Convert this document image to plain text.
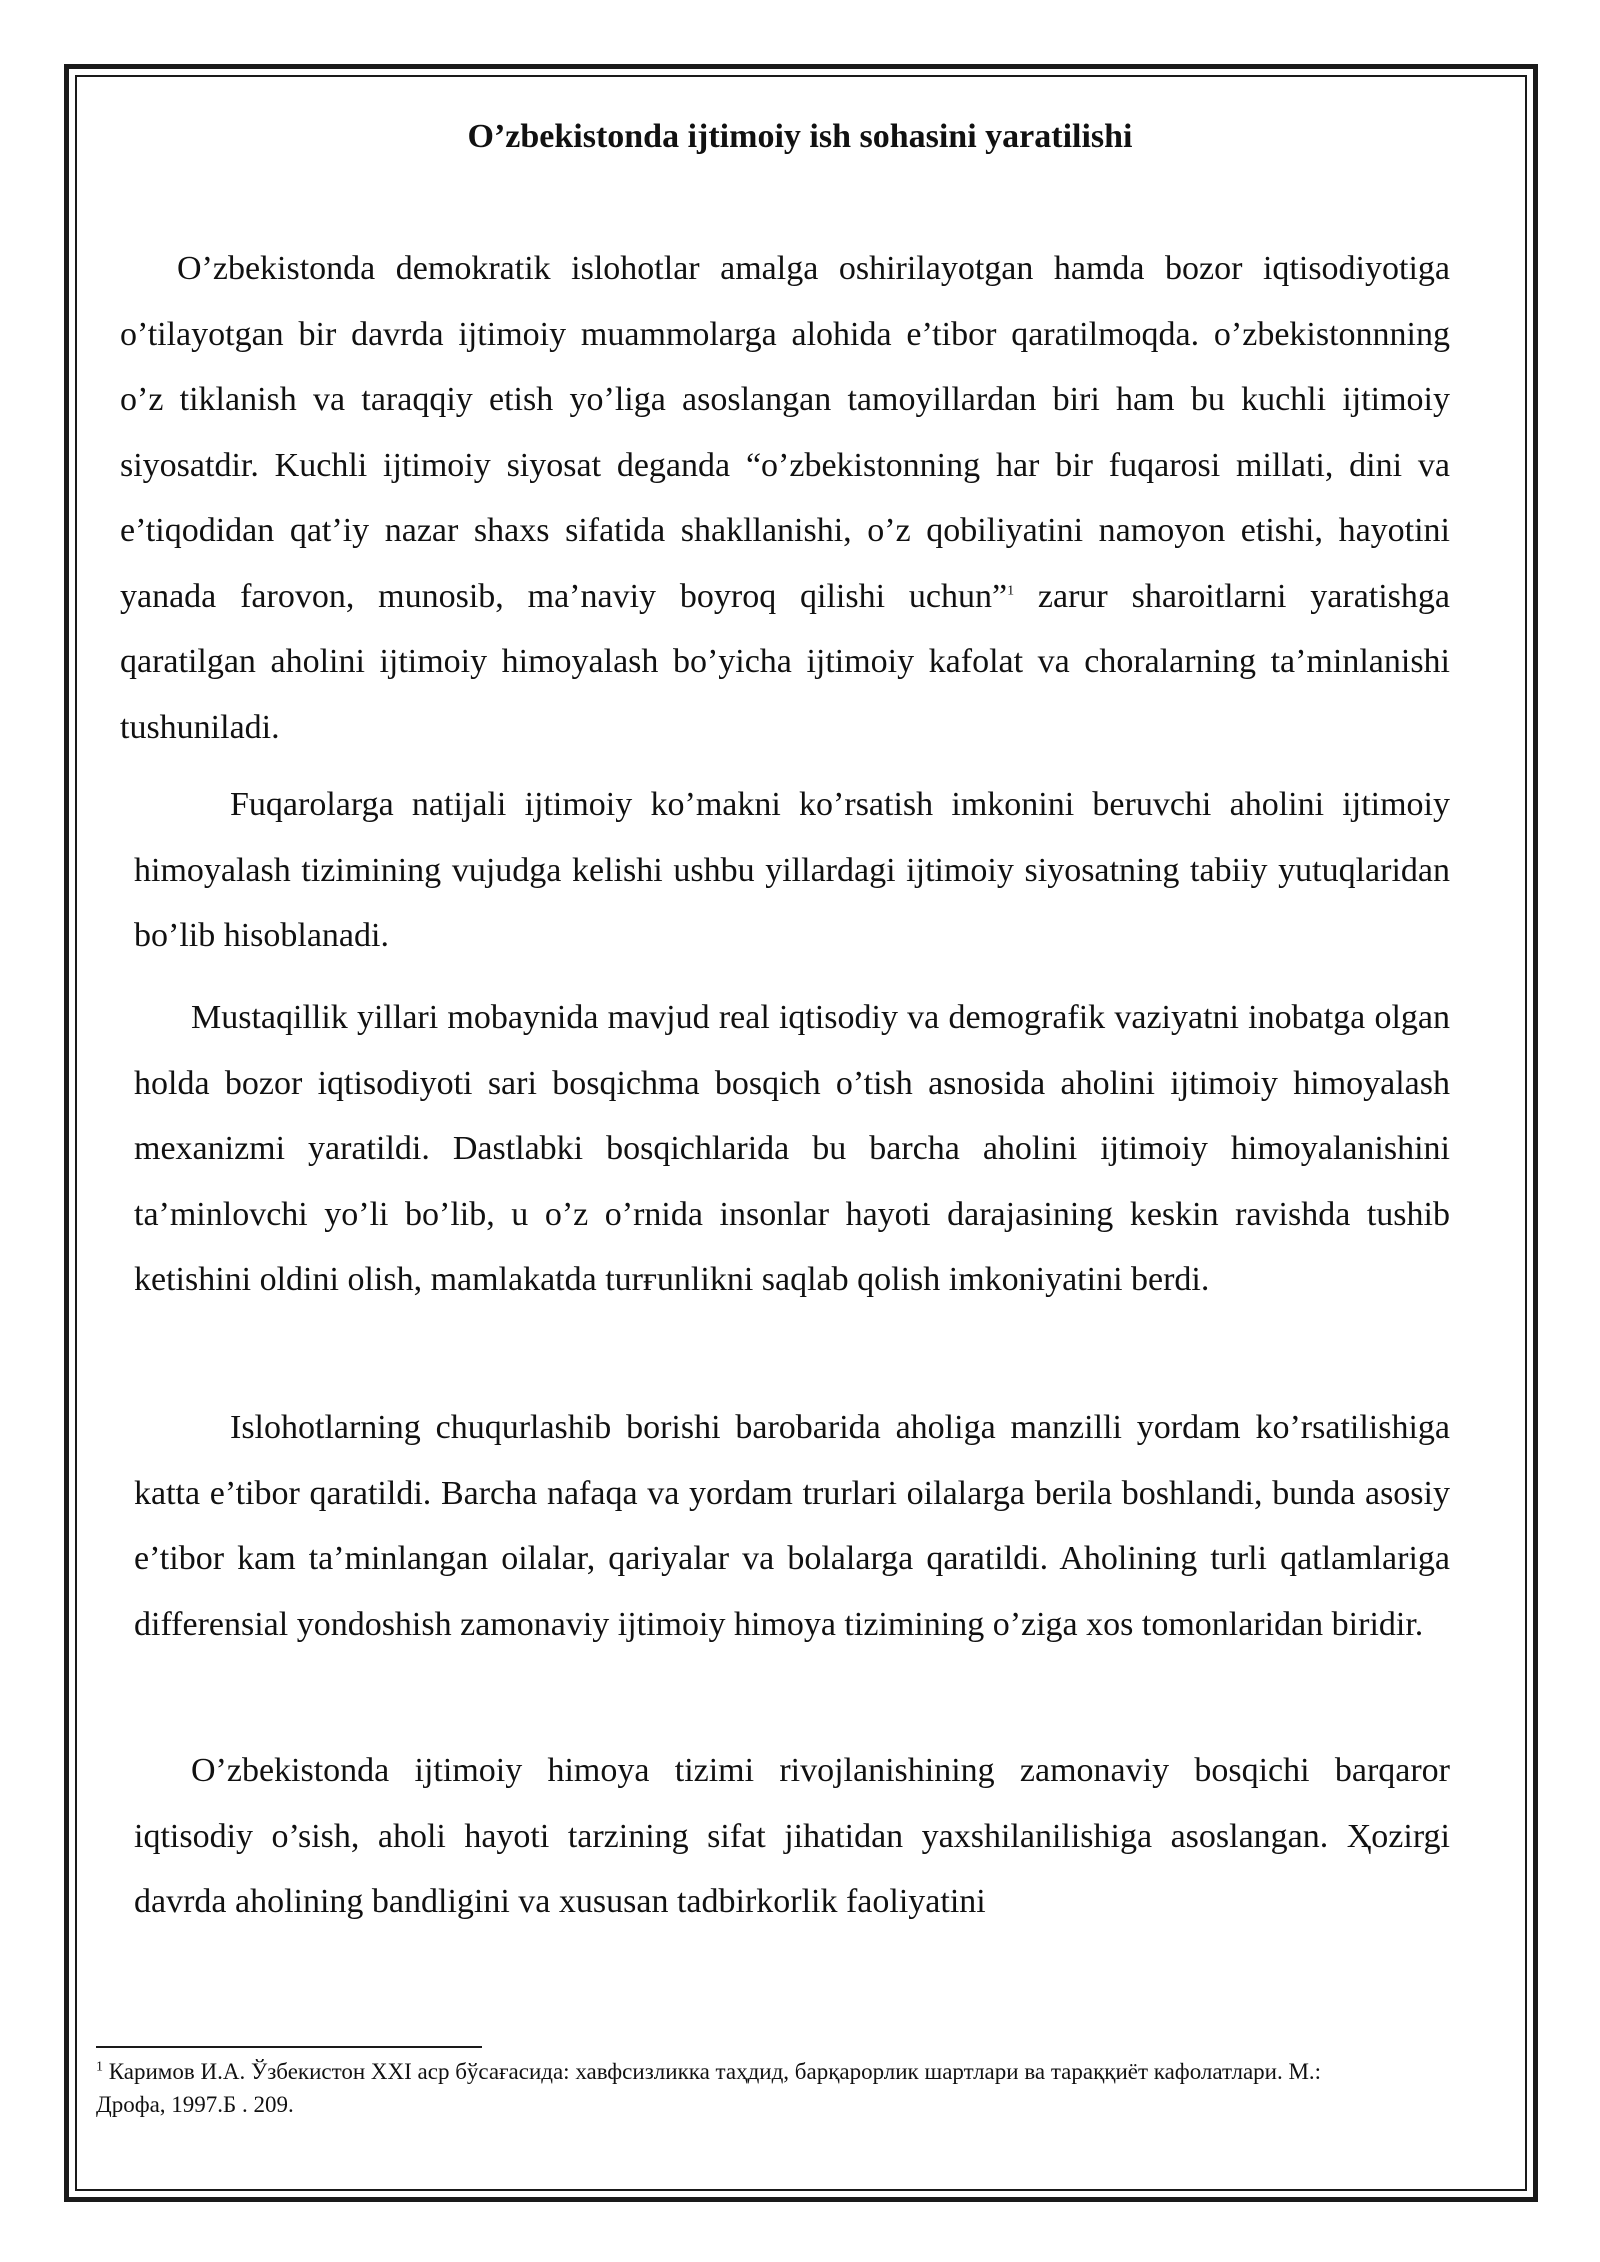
O’zbekistonda ijtimoiy ish sohasini yaratilishi

O’zbekistonda demokratik islohotlar amalga oshirilayotgan hamda bozor iqtisodiyotiga o’tilayotgan bir davrda ijtimoiy muammolarga alohida e’tibor qaratilmoqda. o’zbekistonnning o’z tiklanish va taraqqiy etish yo’liga asoslangan tamoyillardan biri ham bu kuchli ijtimoiy siyosatdir. Kuchli ijtimoiy siyosat deganda “o’zbekistonning har bir fuqarosi millati, dini va e’tiqodidan qat’iy nazar shaxs sifatida shakllanishi, o’z qobiliyatini namoyon etishi, hayotini yanada farovon, munosib, ma’naviy boyroq qilishi uchun”$^1$ zarur sharoitlarni yaratishga qaratilgan aholini ijtimoiy himoyalash bo’yicha ijtimoiy kafolat va choralarning ta’minlanishi tushuniladi.

Fuqarolarga natijali ijtimoiy ko’makni ko’rsatish imkonini beruvchi aholini ijtimoiy himoyalash tizimining vujudga kelishi ushbu yillardagi ijtimoiy siyosatning tabiiy yutuqlaridan bo’lib hisoblanadi.

Mustaqillik yillari mobaynida mavjud real iqtisodiy va demografik vaziyatni inobatga olgan holda bozor iqtisodiyoti sari bosqichma bosqich o’tish asnosida aholini ijtimoiy himoyalash mexanizmi yaratildi. Dastlabki bosqichlarida bu barcha aholini ijtimoiy himoyalanishini ta’minlovchi yo’li bo’lib, u o’z o’rnida insonlar hayoti darajasining keskin ravishda tushib ketishini oldini olish, mamlakatda turғunlikni saqlab qolish imkoniyatini berdi.

Islohotlarning chuqurlashib borishi barobarida aholiga manzilli yordam ko’rsatilishiga katta e’tibor qaratildi. Barcha nafaqa va yordam trurlari oilalarga berila boshlandi, bunda asosiy e’tibor kam ta’minlangan oilalar, qariyalar va bolalarga qaratildi. Aholining turli qatlamlariga differensial yondoshish zamonaviy ijtimoiy himoya tizimining o’ziga xos tomonlaridan biridir.

O’zbekistonda ijtimoiy himoya tizimi rivojlanishining zamonaviy bosqichi barqaror iqtisodiy o’sish, aholi hayoti tarzining sifat jihatidan yaxshilanilishiga asoslangan. Ҳozirgi davrda aholining bandligini va xususan tadbirkorlik faoliyatini

$^1$ Каримов И.А. Ўзбекистон XXI аср бўсағасида: хавфсизликка таҳдид, барқарорлик шартлари ва тараққиёт кафолатлари. М.: Дрофа, 1997.Б . 209.
